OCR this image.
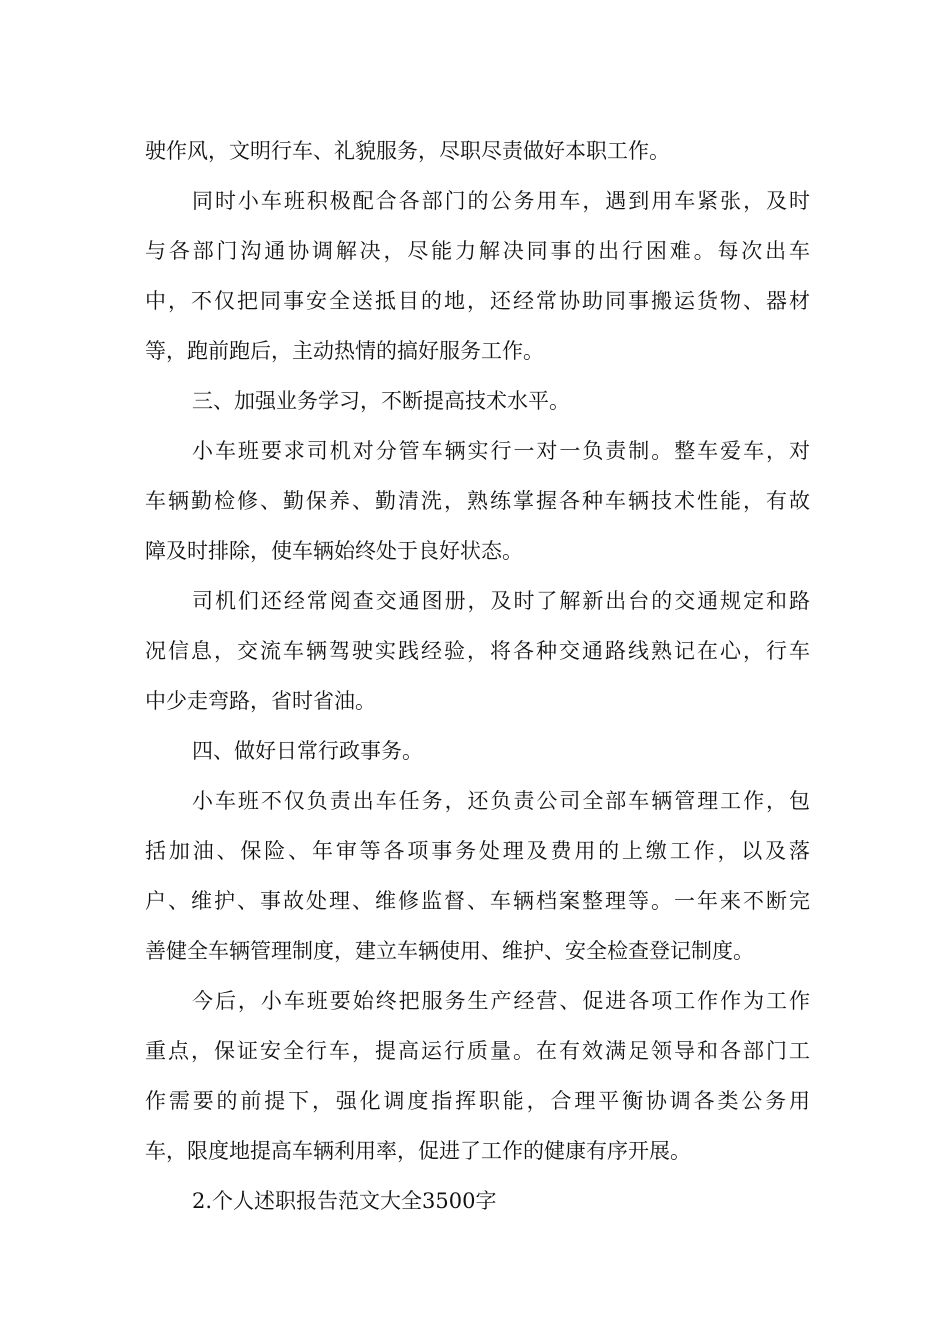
驶作风，文明行车、礼貌服务，尽职尽责做好本职工作。
同时小车班积极配合各部门的公务用车，遇到用车紧张，及时
与各部门沟通协调解决，尽能力解决同事的出行困难。每次出车
中，不仅把同事安全送抵目的地，还经常协助同事搬运货物、器材
等，跑前跑后，主动热情的搞好服务工作。
三、加强业务学习，不断提高技术水平。
小车班要求司机对分管车辆实行一对一负责制。整车爱车，对
车辆勤检修、勤保养、勤清洗，熟练掌握各种车辆技术性能，有故
障及时排除，使车辆始终处于良好状态。
司机们还经常阅查交通图册，及时了解新出台的交通规定和路
况信息，交流车辆驾驶实践经验，将各种交通路线熟记在心，行车
中少走弯路，省时省油。
四、做好日常行政事务。
小车班不仅负责出车任务，还负责公司全部车辆管理工作，包
括加油、保险、年审等各项事务处理及费用的上缴工作，以及落
户、维护、事故处理、维修监督、车辆档案整理等。一年来不断完
善健全车辆管理制度，建立车辆使用、维护、安全检查登记制度。
今后，小车班要始终把服务生产经营、促进各项工作作为工作
重点，保证安全行车，提高运行质量。在有效满足领导和各部门工
作需要的前提下，强化调度指挥职能，合理平衡协调各类公务用
车，限度地提高车辆利用率，促进了工作的健康有序开展。
2.个人述职报告范文大全3500字
